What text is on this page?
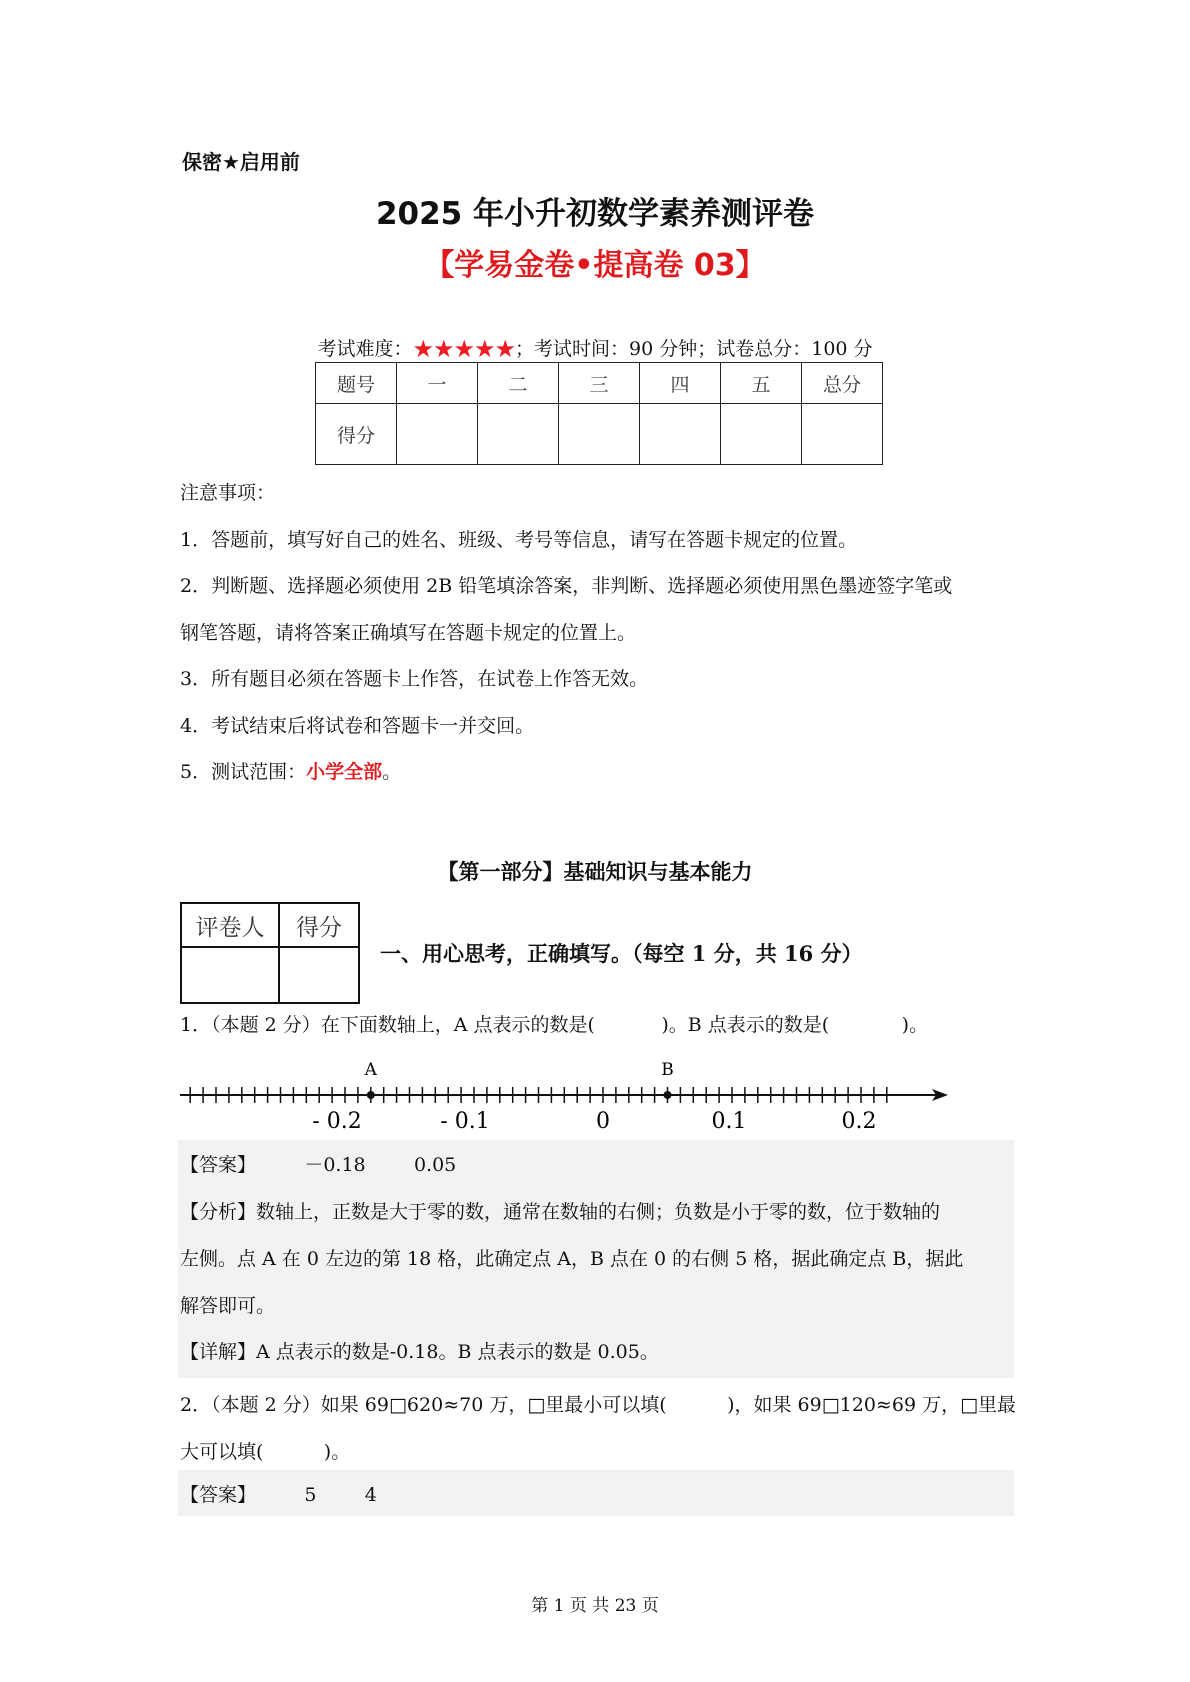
保密★启用前
2025 年小升初数学素养测评卷
【学易金卷•提高卷 03】
考试难度：★★★★★；考试时间：90 分钟；试卷总分：100 分
题号	一	二	三	四	五	总分
得分						

注意事项：

1．答题前，填写好自己的姓名、班级、考号等信息，请写在答题卡规定的位置。

2．判断题、选择题必须使用 2B 铅笔填涂答案，非判断、选择题必须使用黑色墨迹签字笔或

钢笔答题，请将答案正确填写在答题卡规定的位置上。

3．所有题目必须在答题卡上作答，在试卷上作答无效。

4．考试结束后将试卷和答题卡一并交回。

5．测试范围：小学全部。

【第一部分】基础知识与基本能力
评卷人	得分

一、用心思考，正确填写。（每空 1 分，共 16 分）
1．（本题 2 分）在下面数轴上，A 点表示的数是(           )。B 点表示的数是(            )。
A	B
- 0.2	- 0.1	0	0.1	0.2
【答案】        －0.18        0.05
【分析】数轴上，正数是大于零的数，通常在数轴的右侧；负数是小于零的数，位于数轴的
左侧。点 A 在 0 左边的第 18 格，此确定点 A，B 点在 0 的右侧 5 格，据此确定点 B，据此
解答即可。
【详解】A 点表示的数是-0.18。B 点表示的数是 0.05。
2．（本题 2 分）如果 69□620≈70 万，□里最小可以填(          )，如果 69□120≈69 万，□里最
大可以填(          )。
【答案】        5        4
第 1 页 共 23 页
